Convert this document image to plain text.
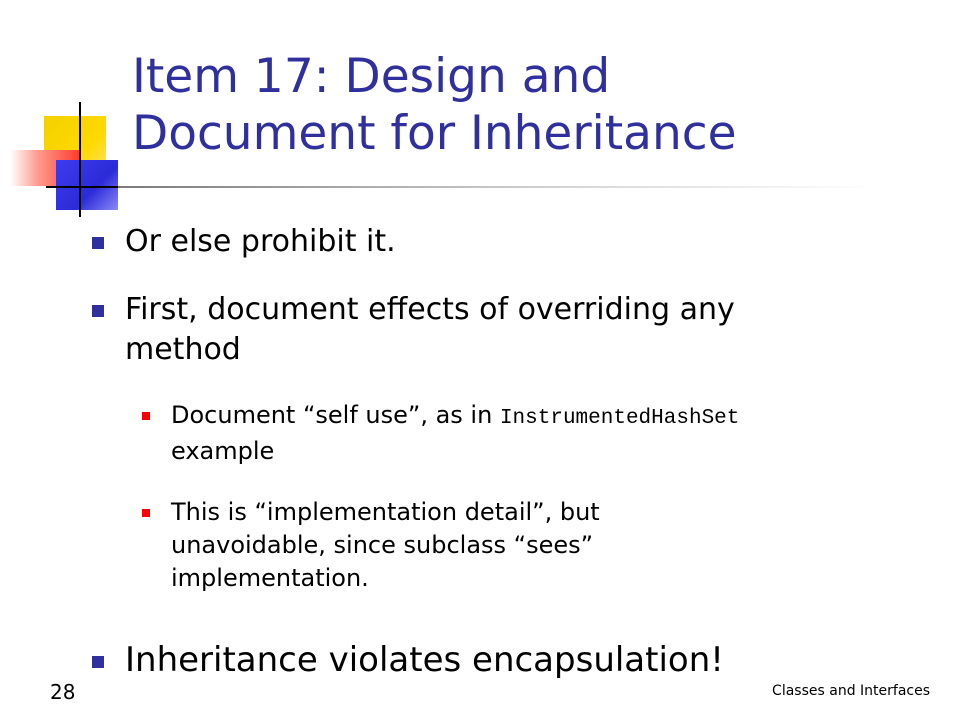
Item 17: Design and
Document for Inheritance
Or else prohibit it.
First, document effects of overriding any
method
Document “self use”, as in InstrumentedHashSet
example
This is “implementation detail”, but
unavoidable, since subclass “sees”
implementation.
Inheritance violates encapsulation!
28	Classes and Interfaces
